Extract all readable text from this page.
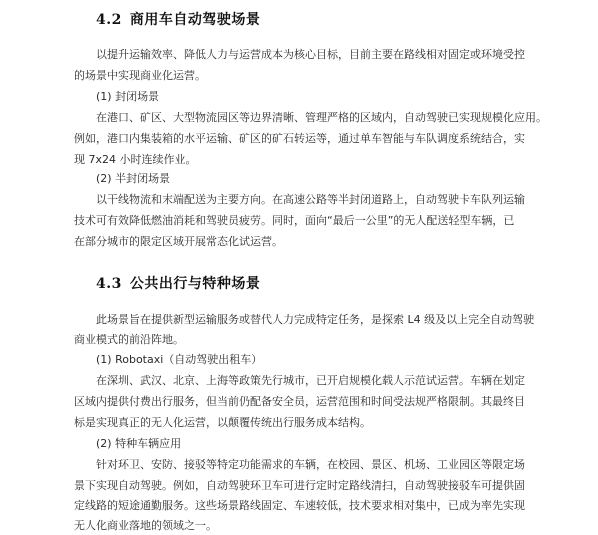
4.2 商用车自动驾驶场景
以提升运输效率、降低人力与运营成本为核心目标，目前主要在路线相对固定或环境受控
的场景中实现商业化运营。
(1) 封闭场景
在港口、矿区、大型物流园区等边界清晰、管理严格的区域内，自动驾驶已实现规模化应用。
例如，港口内集装箱的水平运输、矿区的矿石转运等，通过单车智能与车队调度系统结合，实
现 7x24 小时连续作业。
(2) 半封闭场景
以干线物流和末端配送为主要方向。在高速公路等半封闭道路上，自动驾驶卡车队列运输
技术可有效降低燃油消耗和驾驶员疲劳。同时，面向“最后一公里”的无人配送轻型车辆，已
在部分城市的限定区域开展常态化试运营。
4.3 公共出行与特种场景
此场景旨在提供新型运输服务或替代人力完成特定任务，是探索 L4 级及以上完全自动驾驶
商业模式的前沿阵地。
(1) Robotaxi（自动驾驶出租车）
在深圳、武汉、北京、上海等政策先行城市，已开启规模化载人示范试运营。车辆在划定
区域内提供付费出行服务，但当前仍配备安全员，运营范围和时间受法规严格限制。其最终目
标是实现真正的无人化运营，以颠覆传统出行服务成本结构。
(2) 特种车辆应用
针对环卫、安防、接驳等特定功能需求的车辆，在校园、景区、机场、工业园区等限定场
景下实现自动驾驶。例如，自动驾驶环卫车可进行定时定路线清扫，自动驾驶接驳车可提供固
定线路的短途通勤服务。这些场景路线固定、车速较低，技术要求相对集中，已成为率先实现
无人化商业落地的领域之一。
